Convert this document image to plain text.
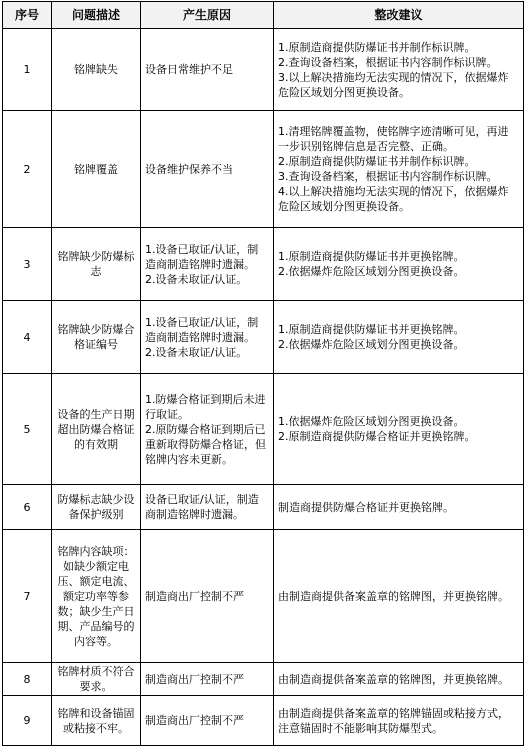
序号	问题描述	产生原因	整改建议
1	铭牌缺失	设备日常维护不足	1.原制造商提供防爆证书并制作标识牌。
2.查询设备档案，根据证书内容制作标识牌。
3.以上解决措施均无法实现的情况下，依据爆炸危险区域划分图更换设备。

2	铭牌覆盖	设备维护保养不当	1.清理铭牌覆盖物，使铭牌字迹清晰可见，再进一步识别铭牌信息是否完整、正确。
2.原制造商提供防爆证书并制作标识牌。
3.查询设备档案，根据证书内容制作标识牌。
4.以上解决措施均无法实现的情况下，依据爆炸危险区域划分图更换设备。

3	铭牌缺少防爆标志	1.设备已取证/认证，制造商制造铭牌时遗漏。
2.设备未取证/认证。	1.原制造商提供防爆证书并更换铭牌。
2.依据爆炸危险区域划分图更换设备。

4	铭牌缺少防爆合格证编号	1.设备已取证/认证，制造商制造铭牌时遗漏。
2.设备未取证/认证。	1.原制造商提供防爆证书并更换铭牌。
2.依据爆炸危险区域划分图更换设备。

5	设备的生产日期超出防爆合格证的有效期	1.防爆合格证到期后未进行取证。
2.原防爆合格证到期后已重新取得防爆合格证，但铭牌内容未更新。	1.依据爆炸危险区域划分图更换设备。
2.原制造商提供防爆合格证并更换铭牌。

6	防爆标志缺少设备保护级别	设备已取证/认证，制造商制造铭牌时遗漏。	制造商提供防爆合格证并更换铭牌。

7	铭牌内容缺项：如缺少额定电压、额定电流、额定功率等参数；缺少生产日期、产品编号的内容等。	制造商出厂控制不严	由制造商提供备案盖章的铭牌图，并更换铭牌。

8	铭牌材质不符合要求。	制造商出厂控制不严	由制造商提供备案盖章的铭牌图，并更换铭牌。

9	铭牌和设备锚固或粘接不牢。	制造商出厂控制不严	由制造商提供备案盖章的铭牌锚固或粘接方式，注意锚固时不能影响其防爆型式。
